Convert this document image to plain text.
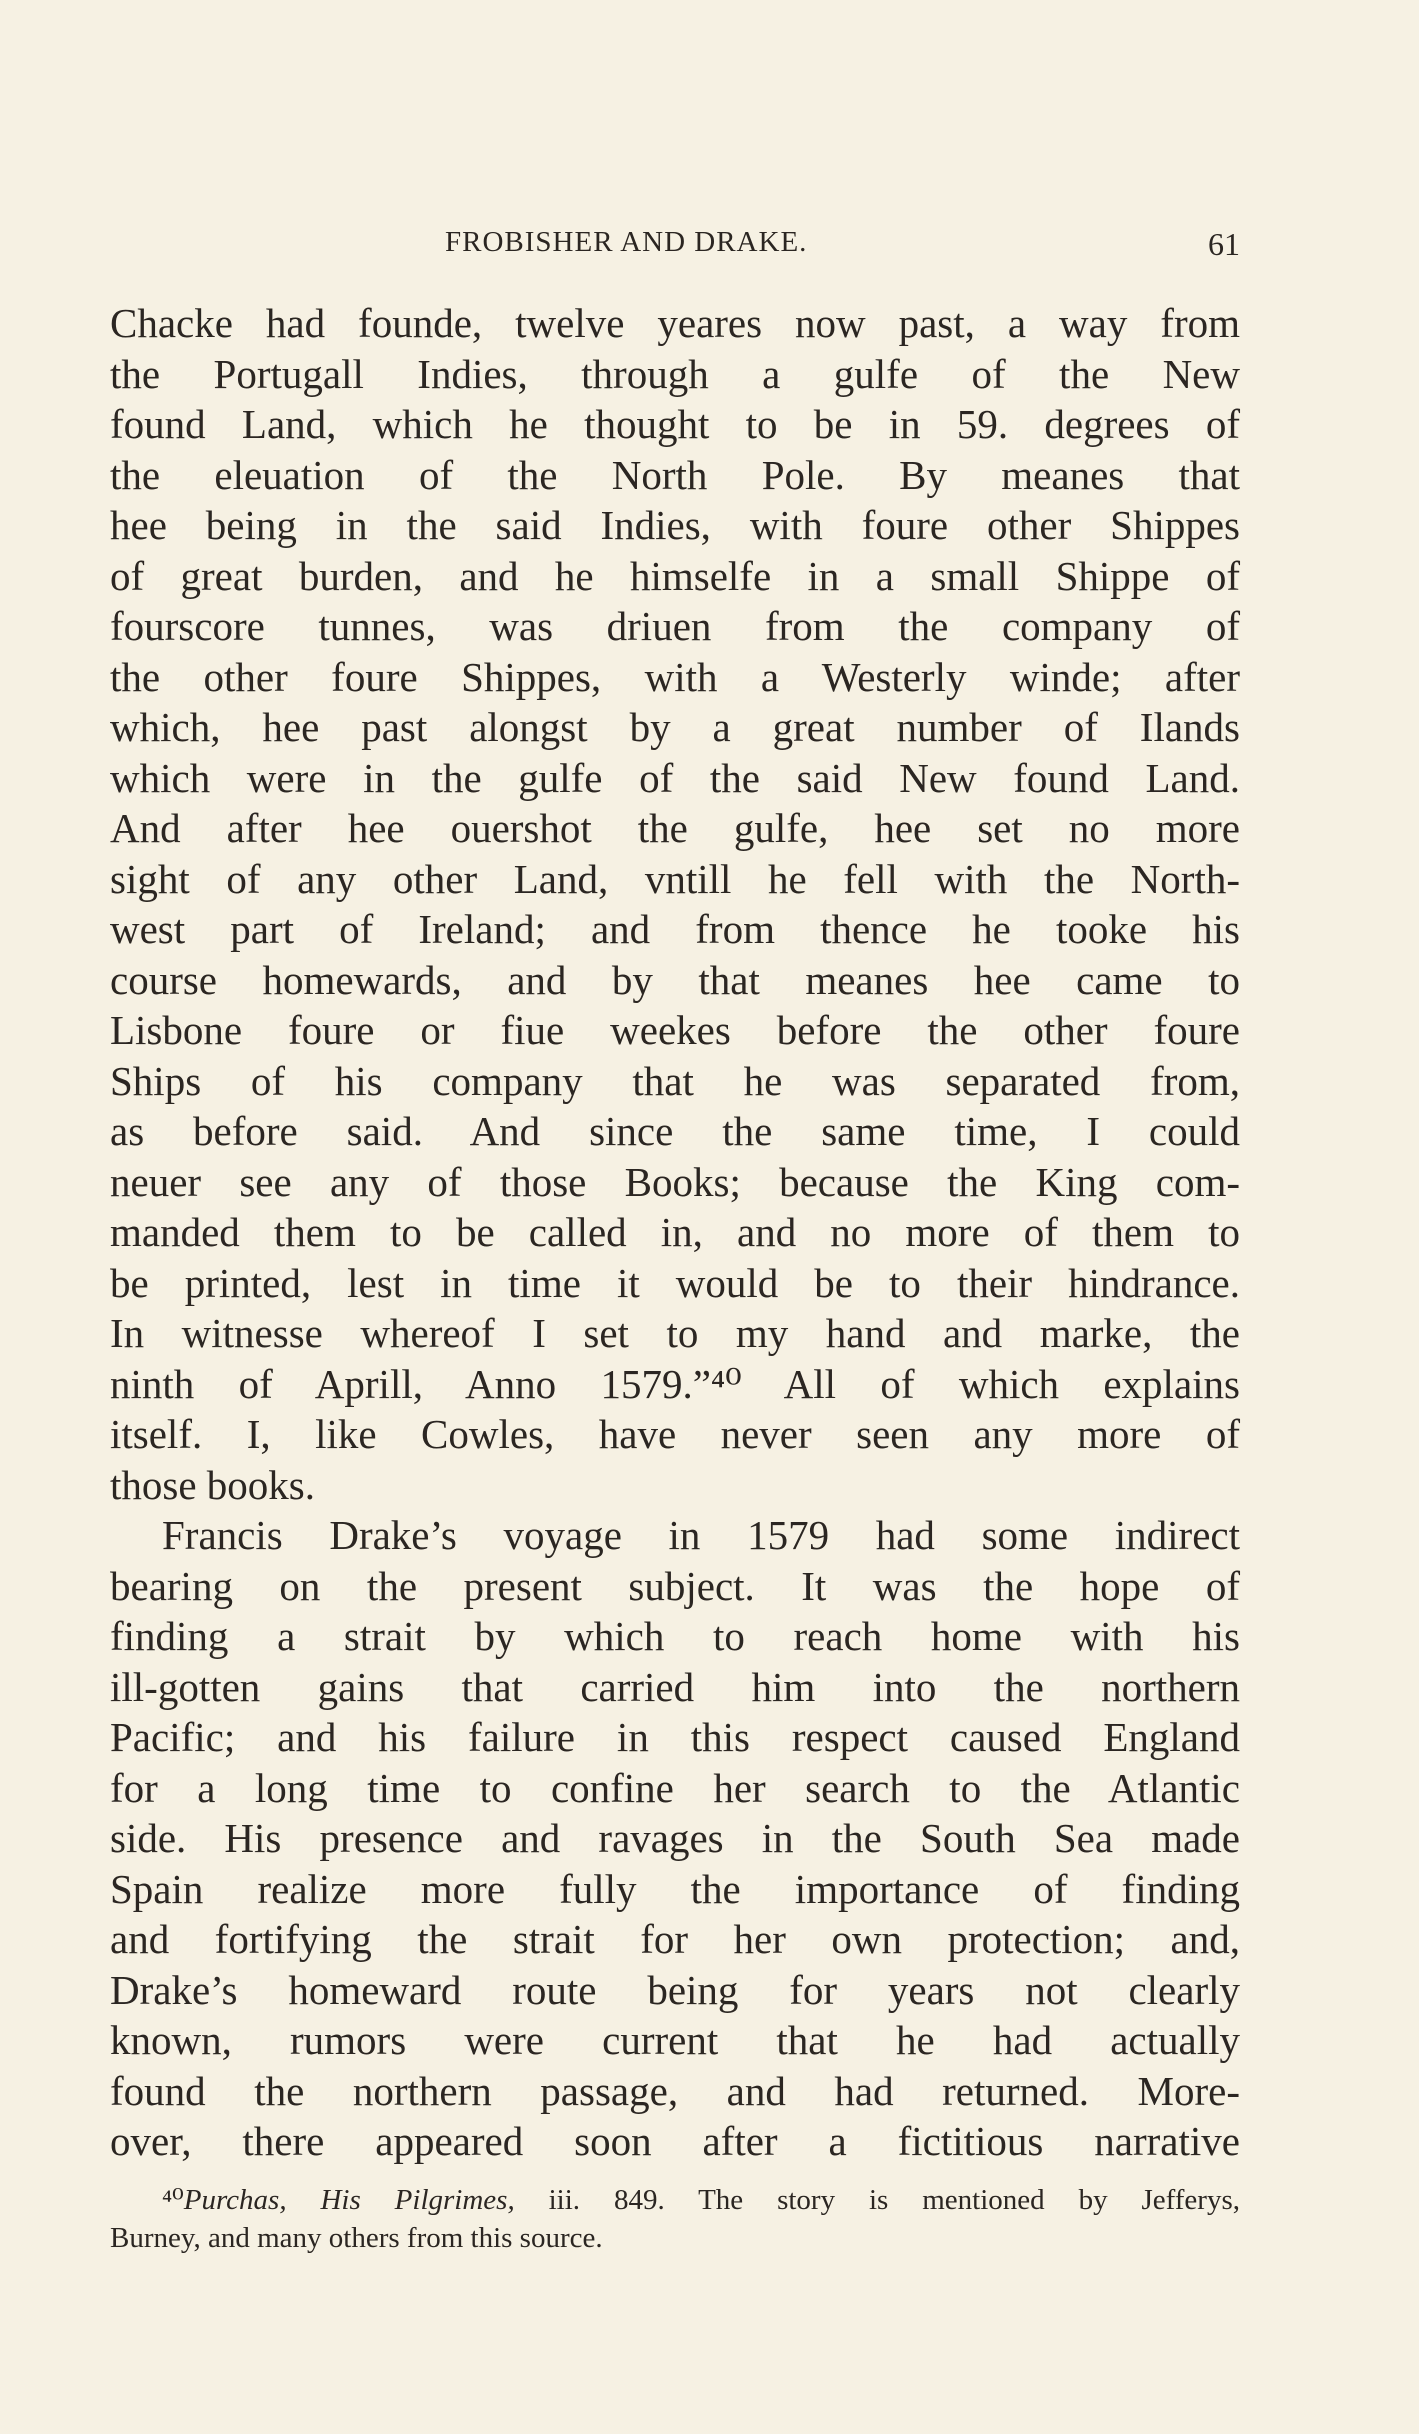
FROBISHER AND DRAKE.	61
Chacke had founde, twelve yeares now past, a way from
the Portugall Indies, through a gulfe of the New
found Land, which he thought to be in 59. degrees of
the eleuation of the North Pole. By meanes that
hee being in the said Indies, with foure other Shippes
of great burden, and he himselfe in a small Shippe of
fourscore tunnes, was driuen from the company of
the other foure Shippes, with a Westerly winde; after
which, hee past alongst by a great number of Ilands
which were in the gulfe of the said New found Land.
And after hee ouershot the gulfe, hee set no more
sight of any other Land, vntill he fell with the North-
west part of Ireland; and from thence he tooke his
course homewards, and by that meanes hee came to
Lisbone foure or fiue weekes before the other foure
Ships of his company that he was separated from,
as before said. And since the same time, I could
neuer see any of those Books; because the King com-
manded them to be called in, and no more of them to
be printed, lest in time it would be to their hindrance.
In witnesse whereof I set to my hand and marke, the
ninth of Aprill, Anno 1579.”⁴⁰ All of which explains
itself. I, like Cowles, have never seen any more of
those books.
Francis Drake’s voyage in 1579 had some indirect
bearing on the present subject. It was the hope of
finding a strait by which to reach home with his
ill-gotten gains that carried him into the northern
Pacific; and his failure in this respect caused England
for a long time to confine her search to the Atlantic
side. His presence and ravages in the South Sea made
Spain realize more fully the importance of finding
and fortifying the strait for her own protection; and,
Drake’s homeward route being for years not clearly
known, rumors were current that he had actually
found the northern passage, and had returned. More-
over, there appeared soon after a fictitious narrative
⁴⁰Purchas, His Pilgrimes, iii. 849. The story is mentioned by Jefferys,
Burney, and many others from this source.
